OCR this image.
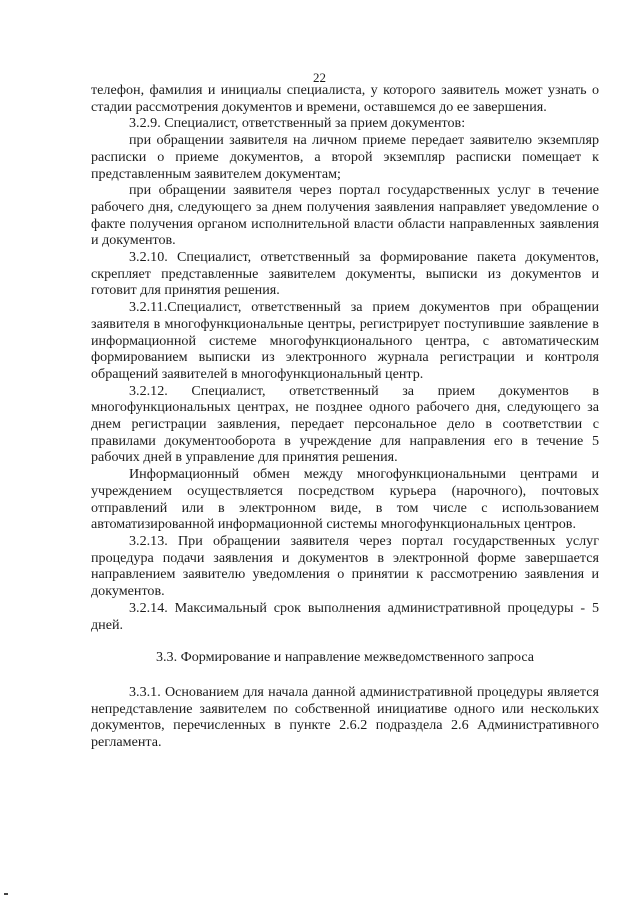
22

телефон, фамилия и инициалы специалиста, у которого заявитель может узнать о стадии рассмотрения документов и времени, оставшемся до ее завершения.

3.2.9. Специалист, ответственный за прием документов:

при обращении заявителя на личном приеме передает заявителю экземпляр расписки о приеме документов, а второй экземпляр расписки помещает к представленным заявителем документам;

при обращении заявителя через портал государственных услуг в течение рабочего дня, следующего за днем получения заявления направляет уведомление о факте получения органом исполнительной власти области направленных заявления и документов.

3.2.10. Специалист, ответственный за формирование пакета документов, скрепляет представленные заявителем документы, выписки из документов и готовит для принятия решения.

3.2.11.Специалист, ответственный за прием документов при обращении заявителя в многофункциональные центры, регистрирует поступившие заявление в информационной системе многофункционального центра, с автоматическим формированием выписки из электронного журнала регистрации и контроля обращений заявителей в многофункциональный центр.

3.2.12. Специалист, ответственный за прием документов в многофункциональных центрах, не позднее одного рабочего дня, следующего за днем регистрации заявления, передает персональное дело в соответствии с правилами документооборота в учреждение для направления его в течение 5 рабочих дней в управление для принятия решения.

Информационный обмен между многофункциональными центрами и учреждением осуществляется посредством курьера (нарочного), почтовых отправлений или в электронном виде, в том числе с использованием автоматизированной информационной системы многофункциональных центров.

3.2.13. При обращении заявителя через портал государственных услуг процедура подачи заявления и документов в электронной форме завершается направлением заявителю уведомления о принятии к рассмотрению заявления и документов.

3.2.14. Максимальный срок выполнения административной процедуры - 5 дней.

3.3. Формирование и направление межведомственного запроса

3.3.1. Основанием для начала данной административной процедуры является непредставление заявителем по собственной инициативе одного или нескольких документов, перечисленных в пункте 2.6.2 подраздела 2.6 Административного регламента.
